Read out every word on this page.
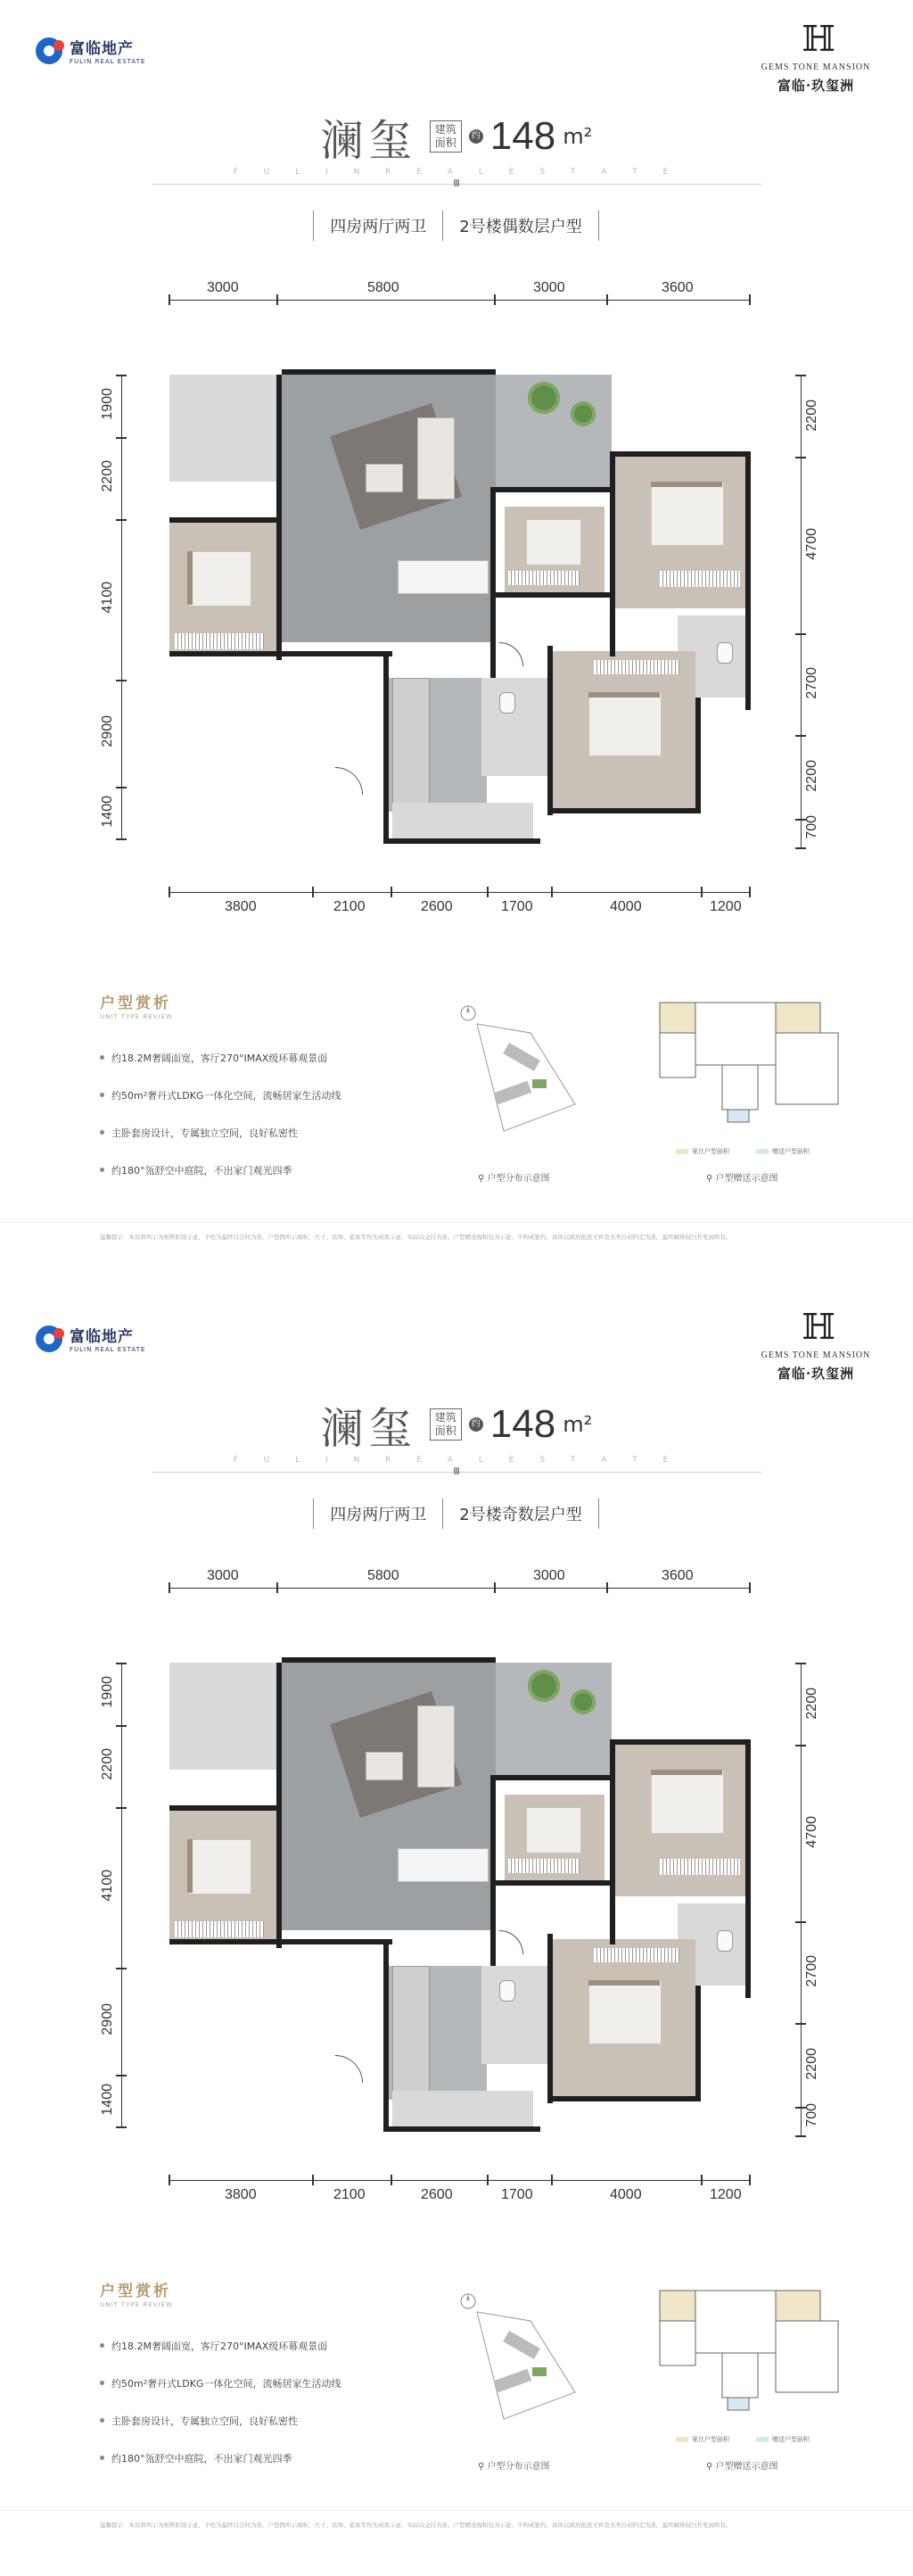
富临地产
FULIN REAL ESTATE
ℍ
GEMS TONE MANSION
富临·玖玺洲
澜玺	建筑面积
约 148 m²
F U L I N R E A L E S T A T E
Ⅲ
四房两厅两卫	2号楼偶数层户型
3000	5800	3000	3600
1900
2200
4100
2900
1400
2200
4700
2700
2200
700
3800	2100	2600	1700	4000	1200
户型赏析
UNIT TYPE REVIEW
约18.2M奢阔面宽，客厅270°IMAX级环幕观景面
约50m²奢丹式LDKG一体化空间，流畅居家生活动线
主卧套房设计，专属独立空间，良好私密性
约180°瓴舒空中庭院，不出家门观光四季
案比户型面积	赠送户型面积
⚲ 户型分布示意图	⚲ 户型赠送示意图
温馨提示：本资料所示为预售阶段示意，手绘为最终以合同为准。户型图所示面积、尺寸、装饰、家具等均为效果示意，实际以交付为准。户型赠送面积仅为示意，不构成要约，具体以政府批准文件及买卖合同约定为准。最终解释权归开发商所有。
富临地产
FULIN REAL ESTATE
ℍ
GEMS TONE MANSION
富临·玖玺洲
澜玺	建筑面积
约 148 m²
F U L I N R E A L E S T A T E
Ⅲ
四房两厅两卫	2号楼奇数层户型
3000	5800	3000	3600
1900
2200
4100
2900
1400
2200
4700
2700
2200
700
3800	2100	2600	1700	4000	1200
户型赏析
UNIT TYPE REVIEW
约18.2M奢阔面宽，客厅270°IMAX级环幕观景面
约50m²奢丹式LDKG一体化空间，流畅居家生活动线
主卧套房设计，专属独立空间，良好私密性
约180°瓴舒空中庭院，不出家门观光四季
案比户型面积	赠送户型面积
⚲ 户型分布示意图	⚲ 户型赠送示意图
温馨提示：本资料所示为预售阶段示意，手绘为最终以合同为准。户型图所示面积、尺寸、装饰、家具等均为效果示意，实际以交付为准。户型赠送面积仅为示意，不构成要约，具体以政府批准文件及买卖合同约定为准。最终解释权归开发商所有。
